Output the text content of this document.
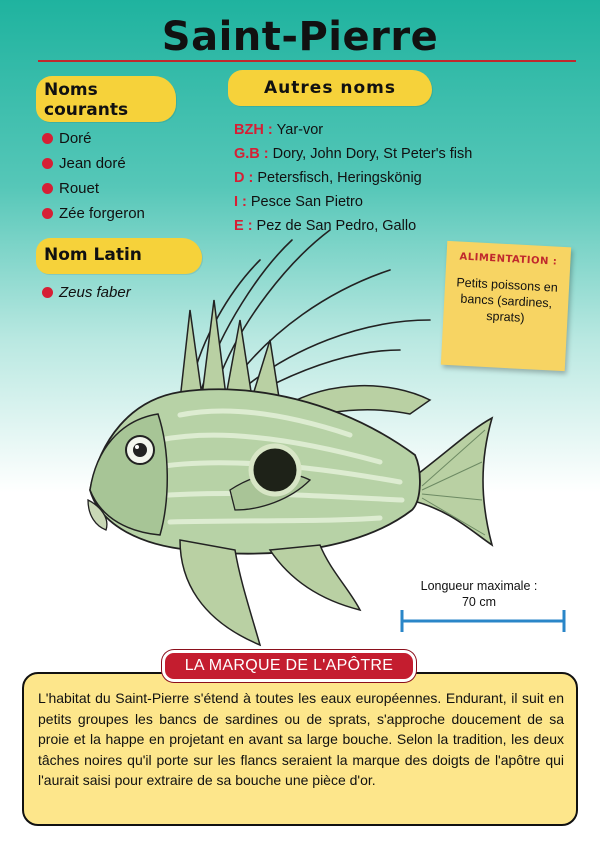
Saint-Pierre
Noms courants
Doré
Jean doré
Rouet
Zée forgeron
Nom Latin
Zeus faber
Autres noms
BZH : Yar-vor
G.B : Dory, John Dory, St Peter's fish
D : Petersfisch, Heringskönig
I : Pesce San Pietro
E : Pez de San Pedro, Gallo
ALIMENTATION :
Petits poissons en bancs (sardines, sprats)
Longueur maximale :
70 cm
L'habitat du Saint-Pierre s'étend à toutes les eaux européennes. Endurant, il suit en petits groupes les bancs de sardines ou de sprats, s'approche doucement de sa proie et la happe en projetant en avant sa large bouche. Selon la tradition, les deux tâches noires qu'il porte sur les flancs seraient la marque des doigts de l'apôtre qui l'aurait saisi pour extraire de sa bouche une pièce d'or.
LA MARQUE DE L'APÔTRE
